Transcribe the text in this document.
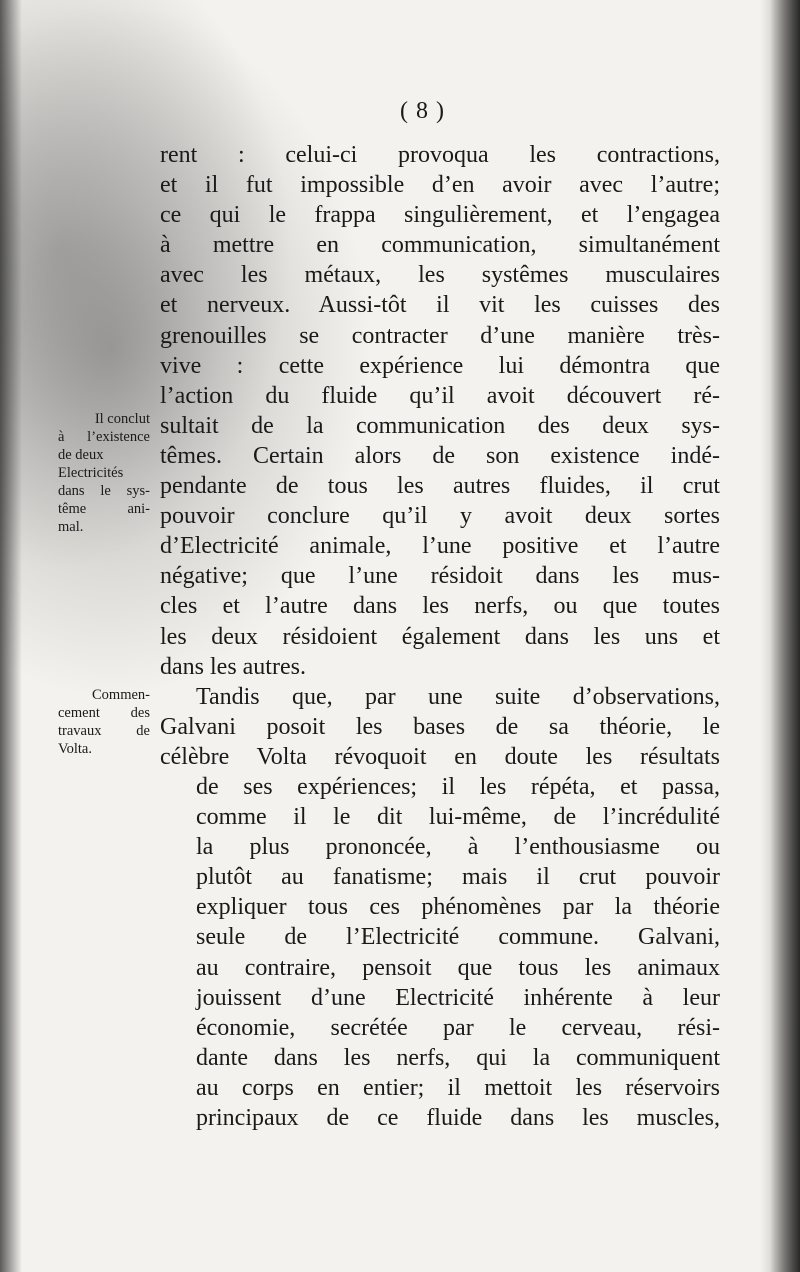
( 8 )
Il conclut
à l’existence
de deux
Electricités
dans le sys-
tême ani-
mal.
Commen-
cement des
travaux de
Volta.
rent : celui-ci provoqua les contractions,
et il fut impossible d’en avoir avec l’autre;
ce qui le frappa singulièrement, et l’engagea
à mettre en communication, simultanément
avec les métaux, les systêmes musculaires
et nerveux. Aussi-tôt il vit les cuisses des
grenouilles se contracter d’une manière très-
vive : cette expérience lui démontra que
l’action du fluide qu’il avoit découvert ré-
sultait de la communication des deux sys-
têmes. Certain alors de son existence indé-
pendante de tous les autres fluides, il crut
pouvoir conclure qu’il y avoit deux sortes
d’Electricité animale, l’une positive et l’autre
négative; que l’une résidoit dans les mus-
cles et l’autre dans les nerfs, ou que toutes
les deux résidoient également dans les uns et
dans les autres.
Tandis que, par une suite d’observations,
Galvani posoit les bases de sa théorie, le
célèbre Volta révoquoit en doute les résultats
de ses expériences; il les répéta, et passa,
comme il le dit lui-même, de l’incrédulité
la plus prononcée, à l’enthousiasme ou
plutôt au fanatisme; mais il crut pouvoir
expliquer tous ces phénomènes par la théorie
seule de l’Electricité commune. Galvani,
au contraire, pensoit que tous les animaux
jouissent d’une Electricité inhérente à leur
économie, secrétée par le cerveau, rési-
dante dans les nerfs, qui la communiquent
au corps en entier; il mettoit les réservoirs
principaux de ce fluide dans les muscles,
